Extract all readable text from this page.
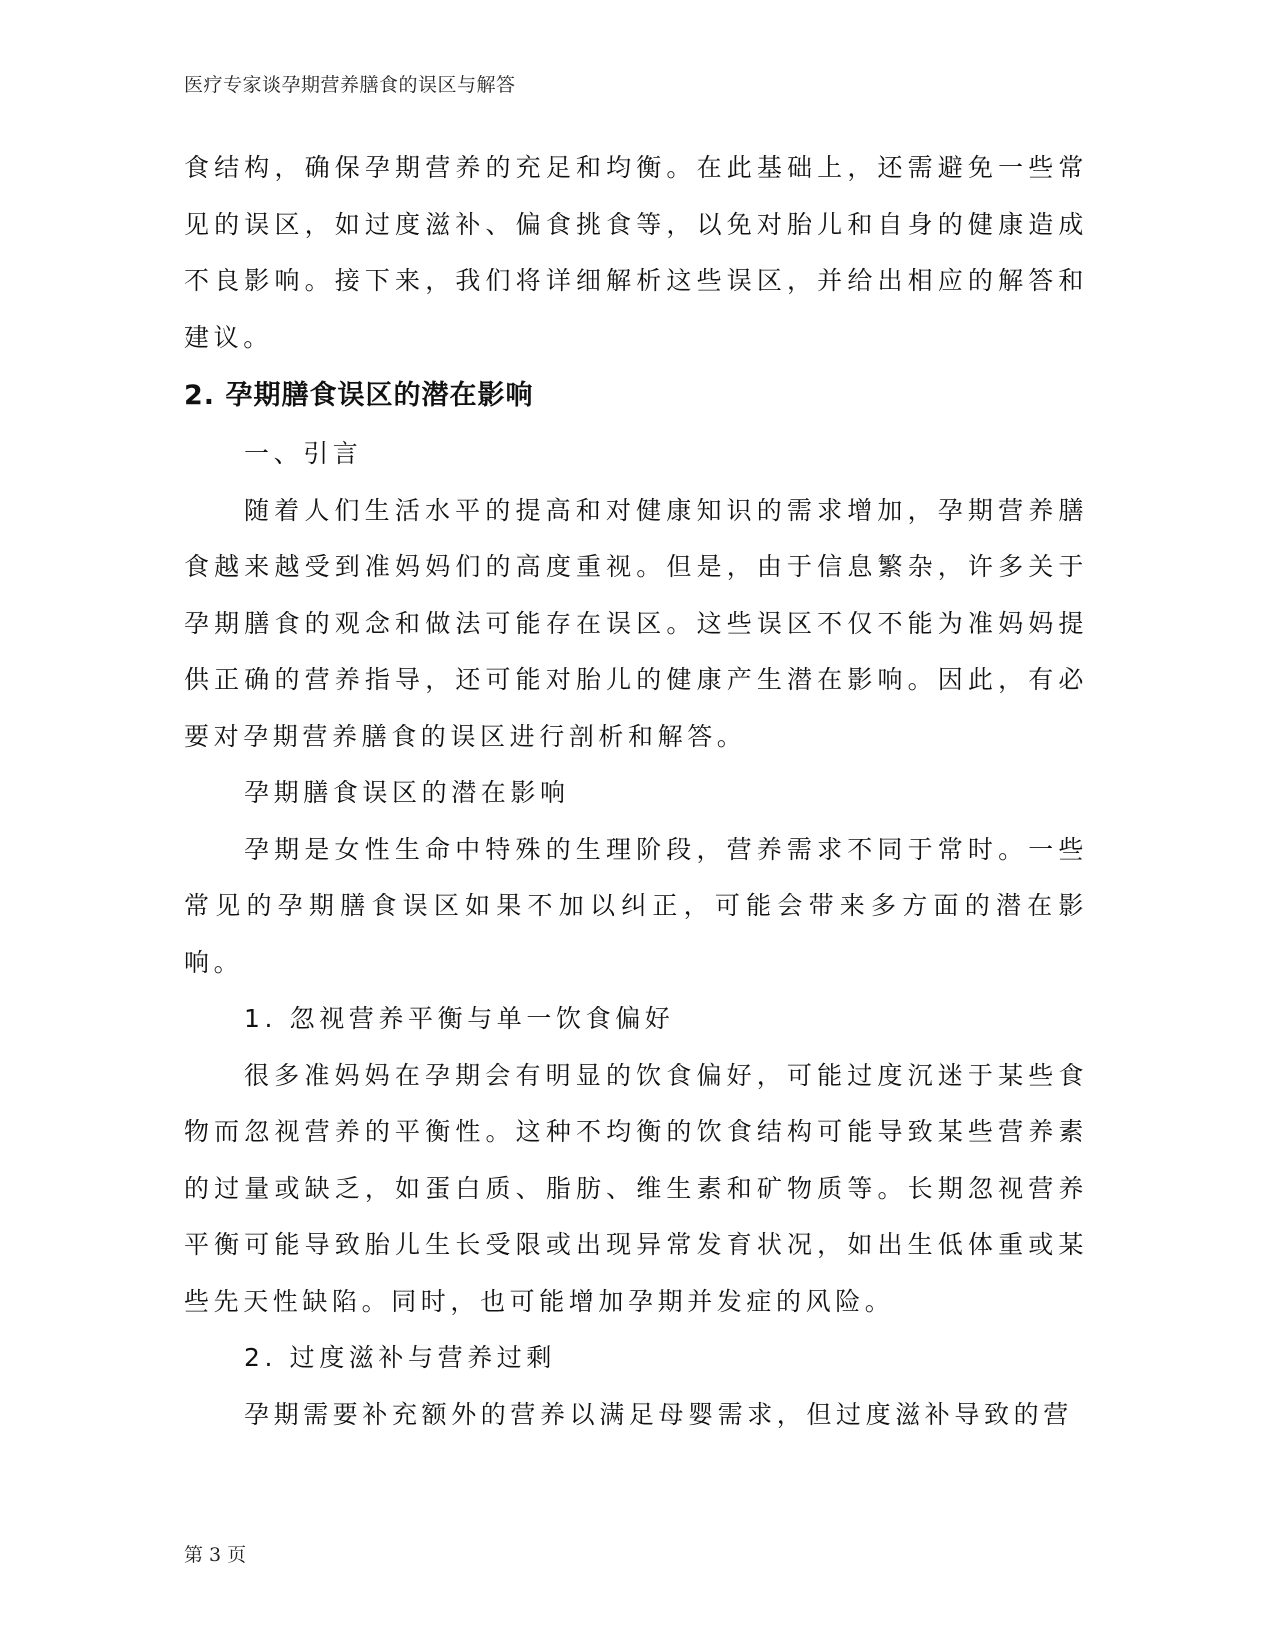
医疗专家谈孕期营养膳食的误区与解答

食结构，确保孕期营养的充足和均衡。在此基础上，还需避免一些常见的误区，如过度滋补、偏食挑食等，以免对胎儿和自身的健康造成不良影响。接下来，我们将详细解析这些误区，并给出相应的解答和建议。

2. 孕期膳食误区的潜在影响

一、引言

随着人们生活水平的提高和对健康知识的需求增加，孕期营养膳食越来越受到准妈妈们的高度重视。但是，由于信息繁杂，许多关于孕期膳食的观念和做法可能存在误区。这些误区不仅不能为准妈妈提供正确的营养指导，还可能对胎儿的健康产生潜在影响。因此，有必要对孕期营养膳食的误区进行剖析和解答。

孕期膳食误区的潜在影响

孕期是女性生命中特殊的生理阶段，营养需求不同于常时。一些常见的孕期膳食误区如果不加以纠正，可能会带来多方面的潜在影响。

1. 忽视营养平衡与单一饮食偏好

很多准妈妈在孕期会有明显的饮食偏好，可能过度沉迷于某些食物而忽视营养的平衡性。这种不均衡的饮食结构可能导致某些营养素的过量或缺乏，如蛋白质、脂肪、维生素和矿物质等。长期忽视营养平衡可能导致胎儿生长受限或出现异常发育状况，如出生低体重或某些先天性缺陷。同时，也可能增加孕期并发症的风险。

2. 过度滋补与营养过剩

孕期需要补充额外的营养以满足母婴需求，但过度滋补导致的营

第 3 页
